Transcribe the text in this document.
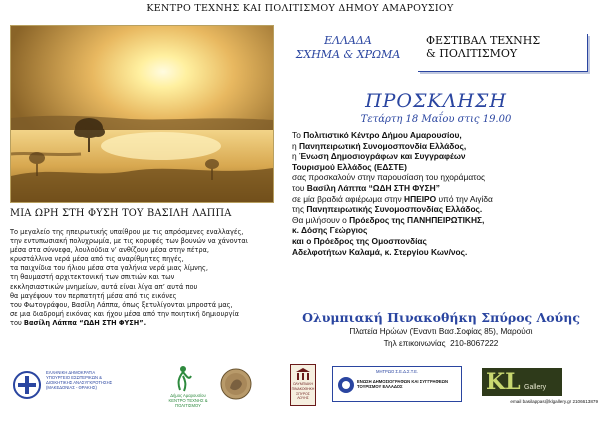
ΚΕΝΤΡΟ ΤΕΧΝΗΣ ΚΑΙ ΠΟΛΙΤΙΣΜΟΥ ΔΗΜΟΥ ΑΜΑΡΟΥΣΙΟΥ
ΜΙΑ ΩΡΗ ΣΤΗ ΦΥΣΗ ΤΟΥ ΒΑΣΙΛΗ ΛΑΠΠΑ
Το μεγαλείο της ηπειρωτικής υπαίθρου με τις απρόσμενες εναλλαγές,
την εντυπωσιακή πολυχρωμία, με τις κορυφές των βουνών να χάνονται
μέσα στα σύννεφα, λουλούδια ν’ ανθίζουν μέσα στην πέτρα,
κρυστάλλινα νερά μέσα από τις αναρίθμητες πηγές,
τα παιχνίδια του ήλιου μέσα στα γαλήνια νερά μιας λίμνης,
τη θαυμαστή αρχιτεκτονική των σπιτιών και των
εκκλησιαστικών μνημείων, αυτά είναι λίγα απ’ αυτά που
θα μαγέψουν τον περπατητή μέσα από τις εικόνες
του Φωτογράφου, Βασίλη Λάππα, όπως ξετυλίγονται μπροστά μας,
σε μια διαδρομή εικόνας και ήχου μέσα από την ποιητική δημιουργία
του Βασίλη Λάππα “ΩΔΗ ΣΤΗ ΦΥΣΗ”.
ΕΛΛΑΔΑ
ΣΧΗΜΑ & ΧΡΩΜΑ
ΦΕΣΤΙΒΑΛ ΤΕΧΝΗΣ
& ΠΟΛΙΤΙΣΜΟΥ
ΠΡΟΣΚΛΗΣΗ
Τετάρτη 18 Μαΐου στις 19.00
Το Πολιτιστικό Κέντρο Δήμου Αμαρουσίου,
η Πανηπειρωτική Συνομοσπονδία Ελλάδος,
η Ένωση Δημοσιογράφων και Συγγραφέων
Τουρισμού Ελλάδος (ΕΔΣΤΕ)
σας προσκαλούν στην παρουσίαση του ηχοράματος
του Βασίλη Λάππα “ΩΔΗ ΣΤΗ ΦΥΣΗ”
σε μία βραδιά αφιέρωμα στην ΗΠΕΙΡΟ υπό την Αιγίδα
της Πανηπειρωτικής Συνομοσπονδίας Ελλάδος.
Θα μιλήσουν ο Πρόεδρος της ΠΑΝΗΠΕΙΡΩΤΙΚΗΣ,
κ. Δόσης Γεώργιος
και ο Πρόεδρος της Ομοσπονδίας
Αδελφοτήτων Καλαμά, κ. Στεργίου Κων/νος.
Ολυμπιακή Πινακοθήκη Σπύρος Λούης
Πλατεία Ηρώων (Έναντι Βασ.Σοφίας 85), Μαρούσι
Τηλ επικοινωνίας 210-8067222
ΕΛΛΗΝΙΚΗ ΔΗΜΟΚΡΑΤΙΑ
ΥΠΟΥΡΓΕΙΟ ΕΣΩΤΕΡΙΚΩΝ &
ΔΙΟΙΚΗΤΙΚΗΣ ΑΝΑΣΥΓΚΡΟΤΗΣΗΣ
(ΜΑΚΕΔΟΝΙΑΣ - ΘΡΑΚΗΣ)
Δήμος Αμαρουσίου
ΚΕΝΤΡΟ ΤΕΧΝΗΣ & ΠΟΛΙΤΙΣΜΟΥ
ΟΛΥΜΠΙΑΚΗ
ΠΙΝΑΚΟΘΗΚΗ
ΣΠΥΡΟΣ
ΛΟΥΗΣ
ΜΗΤΡΩΟ Σ.Ε.Δ.Σ.Τ.Ε.
ΕΝΩΣΗ ΔΗΜΟΣΙΟΓΡΑΦΩΝ ΚΑΙ ΣΥΓΓΡΑΦΕΩΝ
ΤΟΥΡΙΣΜΟΥ ΕΛΛΑΔΟΣ	KL Gallery
email basilappas@klgallery.gr 2106613879
